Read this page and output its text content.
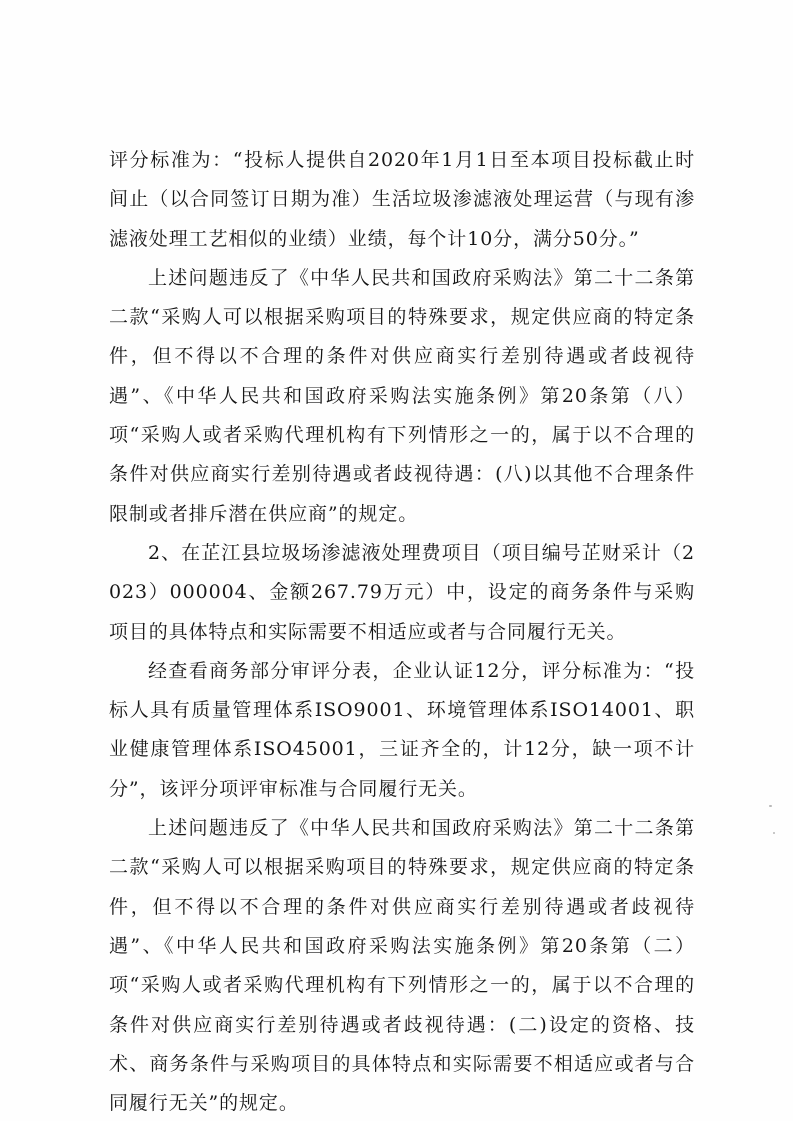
评分标准为：“投标人提供自2020年1月1日至本项目投标截止时间止（以合同签订日期为准）生活垃圾渗滤液处理运营（与现有渗滤液处理工艺相似的业绩）业绩，每个计10分，满分50分。”

上述问题违反了《中华人民共和国政府采购法》第二十二条第二款“采购人可以根据采购项目的特殊要求，规定供应商的特定条件，但不得以不合理的条件对供应商实行差别待遇或者歧视待遇”、《中华人民共和国政府采购法实施条例》第20条第（八）项“采购人或者采购代理机构有下列情形之一的，属于以不合理的条件对供应商实行差别待遇或者歧视待遇：(八)以其他不合理条件限制或者排斥潜在供应商”的规定。

2、在芷江县垃圾场渗滤液处理费项目（项目编号芷财采计（2023）000004、金额267.79万元）中，设定的商务条件与采购项目的具体特点和实际需要不相适应或者与合同履行无关。

经查看商务部分审评分表，企业认证12分，评分标准为：“投标人具有质量管理体系ISO9001、环境管理体系ISO14001、职业健康管理体系ISO45001，三证齐全的，计12分，缺一项不计分”，该评分项评审标准与合同履行无关。

上述问题违反了《中华人民共和国政府采购法》第二十二条第二款“采购人可以根据采购项目的特殊要求，规定供应商的特定条件，但不得以不合理的条件对供应商实行差别待遇或者歧视待遇”、《中华人民共和国政府采购法实施条例》第20条第（二）项“采购人或者采购代理机构有下列情形之一的，属于以不合理的条件对供应商实行差别待遇或者歧视待遇：(二)设定的资格、技术、商务条件与采购项目的具体特点和实际需要不相适应或者与合同履行无关”的规定。
